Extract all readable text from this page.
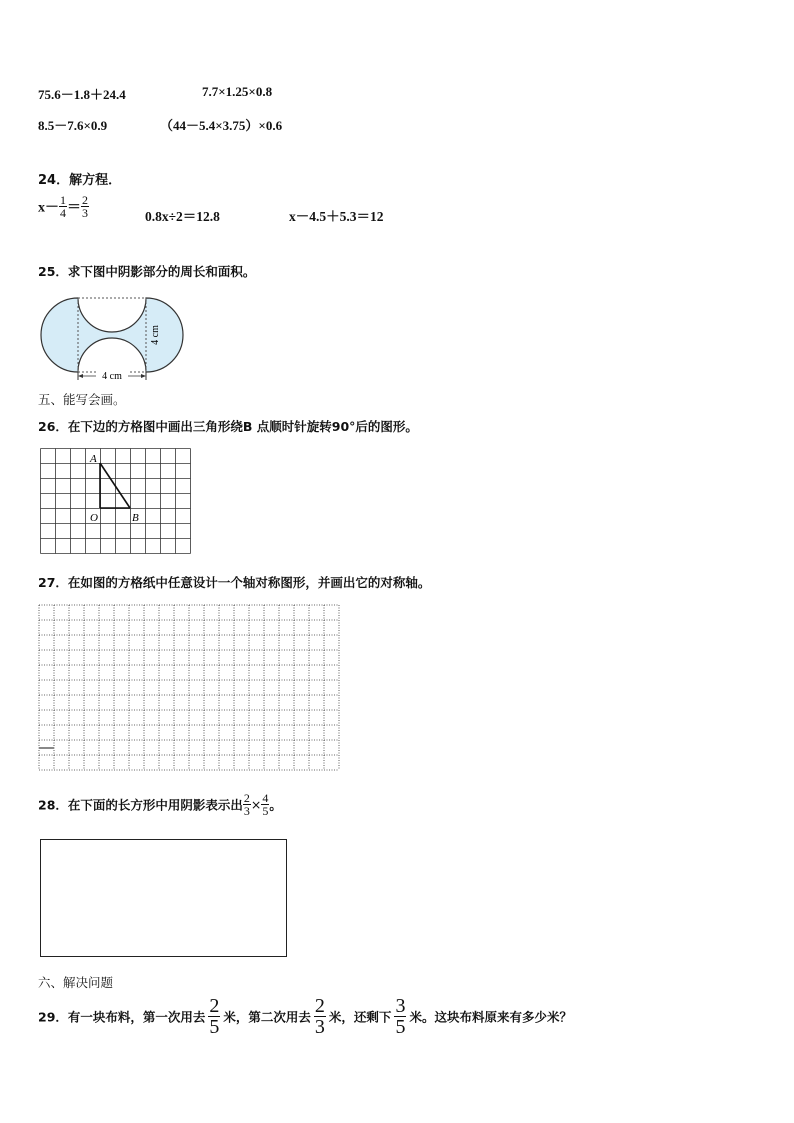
75.6－1.8＋24.4	7.7×1.25×0.8
8.5－7.6×0.9	（44－5.4×3.75）×0.6
24．解方程．
$x- \frac{1}{4} = \frac{2}{3}$	0.8x÷2＝12.8	x－4.5＋5.3＝12
25．求下图中阴影部分的周长和面积。
4 cm
4 cm
五、能写会画。
26．在下边的方格图中画出三角形绕B 点顺时针旋转90°后的图形。
A
O	B
27．在如图的方格纸中任意设计一个轴对称图形，并画出它的对称轴。
28．在下面的长方形中用阴影表示出 $\frac{2}{3} \times \frac{4}{5}$ 。
六、解决问题
29．有一块布料，第一次用去 $\frac{2}{5}$ 米，第二次用去 $\frac{2}{3}$ 米，还剩下 $\frac{3}{5}$ 米。这块布料原来有多少米？
